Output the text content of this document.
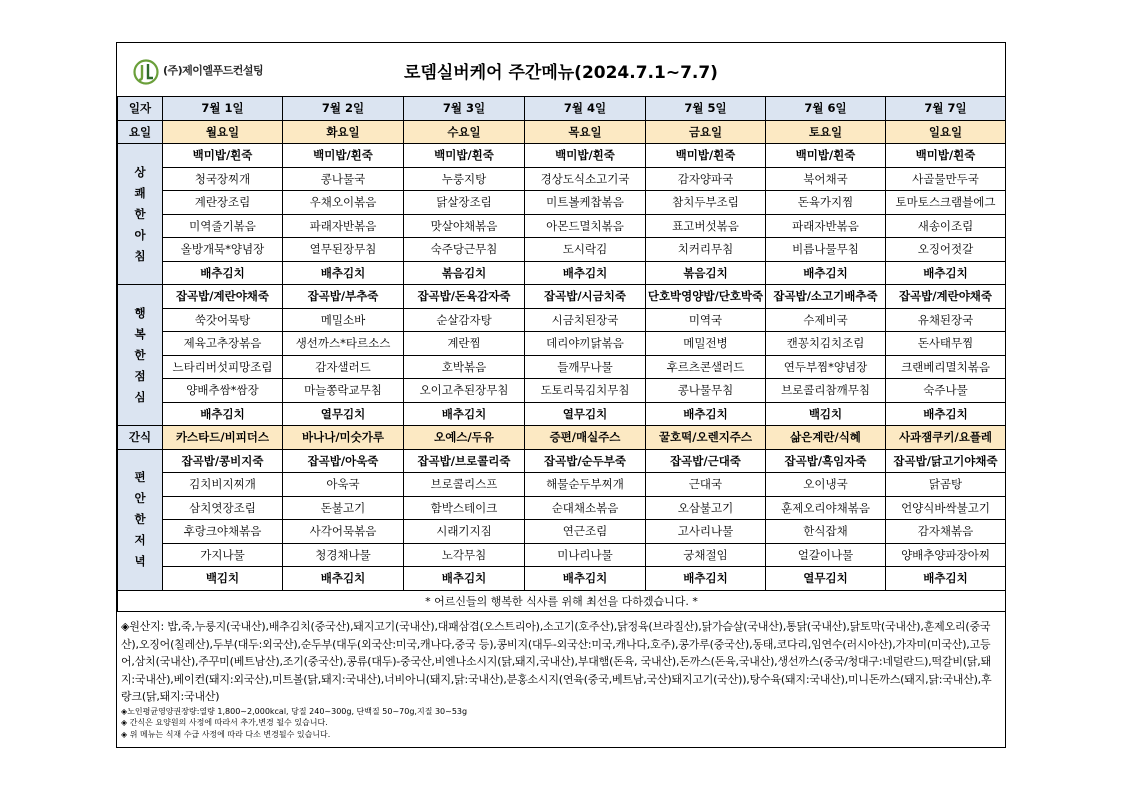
(주)제이엘푸드컨설팅	로뎀실버케어 주간메뉴(2024.7.1~7.7)
일자	7월 1일	7월 2일	7월 3일	7월 4일	7월 5일	7월 6일	7월 7일
요일	월요일	화요일	수요일	목요일	금요일	토요일	일요일

상
쾌
한
아
침	백미밥/흰죽	백미밥/흰죽	백미밥/흰죽	백미밥/흰죽	백미밥/흰죽	백미밥/흰죽	백미밥/흰죽
	청국장찌개	콩나물국	누룽지탕	경상도식소고기국	감자양파국	북어채국	사골물만두국
	계란장조림	우채오이볶음	닭살장조림	미트볼케찹볶음	참치두부조림	돈육가지찜	토마토스크램블에그
	미역줄기볶음	파래자반볶음	맛살야채볶음	아몬드멸치볶음	표고버섯볶음	파래자반볶음	새송이조림
	올방개묵*양념장	열무된장무침	숙주당근무침	도시락김	치커리무침	비름나물무침	오징어젓갈
	배추김치	배추김치	볶음김치	배추김치	볶음김치	배추김치	배추김치

행
복
한
점
심	잡곡밥/계란야채죽	잡곡밥/부추죽	잡곡밥/돈육감자죽	잡곡밥/시금치죽	단호박영양밥/단호박죽	잡곡밥/소고기배추죽	잡곡밥/계란야채죽
	쑥갓어묵탕	메밀소바	순살감자탕	시금치된장국	미역국	수제비국	유채된장국
	제육고추장볶음	생선까스*타르소스	계란찜	데리야끼닭볶음	메밀전병	캔꽁치김치조림	돈사태무찜
	느타리버섯피망조림	감자샐러드	호박볶음	들깨무나물	후르츠콘샐러드	연두부찜*양념장	크랜베리멸치볶음
	양배추쌈*쌈장	마늘쫑락교무침	오이고추된장무침	도토리묵김치무침	콩나물무침	브로콜리참깨무침	숙주나물
	배추김치	열무김치	배추김치	열무김치	배추김치	백김치	배추김치
간식	카스타드/비피더스	바나나/미숫가루	오예스/두유	증편/매실주스	꿀호떡/오렌지주스	삶은계란/식혜	사과잼쿠키/요플레

편
안
한
저
녁	잡곡밥/콩비지죽	잡곡밥/아욱죽	잡곡밥/브로콜리죽	잡곡밥/순두부죽	잡곡밥/근대죽	잡곡밥/흑임자죽	잡곡밥/닭고기야채죽
	김치비지찌개	아욱국	브로콜리스프	해물순두부찌개	근대국	오이냉국	닭곰탕
	삼치엿장조림	돈불고기	함박스테이크	순대채소볶음	오삼불고기	훈제오리야채볶음	언양식바싹불고기
	후랑크야채볶음	사각어묵볶음	시래기지짐	연근조림	고사리나물	한식잡채	감자채볶음
	가지나물	청경채나물	노각무침	미나리나물	궁채절임	얼갈이나물	양배추양파장아찌
	백김치	배추김치	배추김치	배추김치	배추김치	열무김치	배추김치
* 어르신들의 행복한 식사를 위해 최선을 다하겠습니다. *							
◈원산지: 밥,죽,누룽지(국내산),배추김치(중국산),돼지고기(국내산),대패삼겹(오스트리아),소고기(호주산),닭정육(브라질산),닭가슴살(국내산),통닭(국내산),닭토막(국내산),훈제오리(중국산),오징어(칠레산),두부(대두:외국산),순두부(대두(외국산:미국,캐나다,중국 등),콩비지(대두-외국산:미국,캐나다,호주),콩가루(중국산),동태,코다리,임연수(러시아산),가자미(미국산),고등어,삼치(국내산),주꾸미(베트남산),조기(중국산),콩류(대두)-중국산,비엔나소시지(닭,돼지,국내산),부대햄(돈육, 국내산),돈까스(돈육,국내산),생선까스(중국/청대구:네덜란드),떡갈비(닭,돼지:국내산),베이컨(돼지:외국산),미트볼(닭,돼지:국내산),너비아니(돼지,닭:국내산),분홍소시지(연육(중국,베트남,국산)돼지고기(국산)),탕수육(돼지:국내산),미니돈까스(돼지,닭:국내산),후랑크(닭,돼지:국내산)
◈노인평균영양권장량:열량 1,800~2,000kcal, 당질 240~300g, 단백질 50~70g,지질 30~53g
◈ 간식은 요양원의 사정에 따라서 추가,변경 될수 있습니다.
◈ 위 메뉴는 식재 수급 사정에 따라 다소 변경될수 있습니다.
